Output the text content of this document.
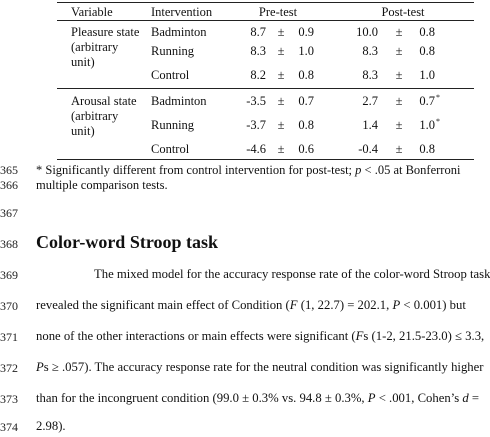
Variable	Intervention	Pre-test	Post-test
Pleasure state
(arbitrary
unit)
Badminton	8.7 ±	0.9	10.0 ±	0.8
Running	8.3 ±	1.0	8.3 ±	0.8
Control	8.2 ±	0.8	8.3 ±	1.0
Arousal state
(arbitrary
unit)
Badminton	-3.5 ±	0.7	2.7 ±	0.7 *
Running	-3.7 ±	0.8	1.4 ±	1.0 *
Control	-4.6 ±	0.6	-0.4 ±	0.8
365	* Significantly different from control intervention for post-test; p < .05 at Bonferroni
366	multiple comparison tests.
367
368	Color-word Stroop task
369	The mixed model for the accuracy response rate of the color-word Stroop task
370	revealed the significant main effect of Condition (F (1, 22.7) = 202.1, P < 0.001) but
371	none of the other interactions or main effects were significant (Fs (1-2, 21.5-23.0) ≤ 3.3,
372	Ps ≥ .057). The accuracy response rate for the neutral condition was significantly higher
373	than for the incongruent condition (99.0 ± 0.3% vs. 94.8 ± 0.3%, P < .001, Cohen’s d =
374	2.98).
